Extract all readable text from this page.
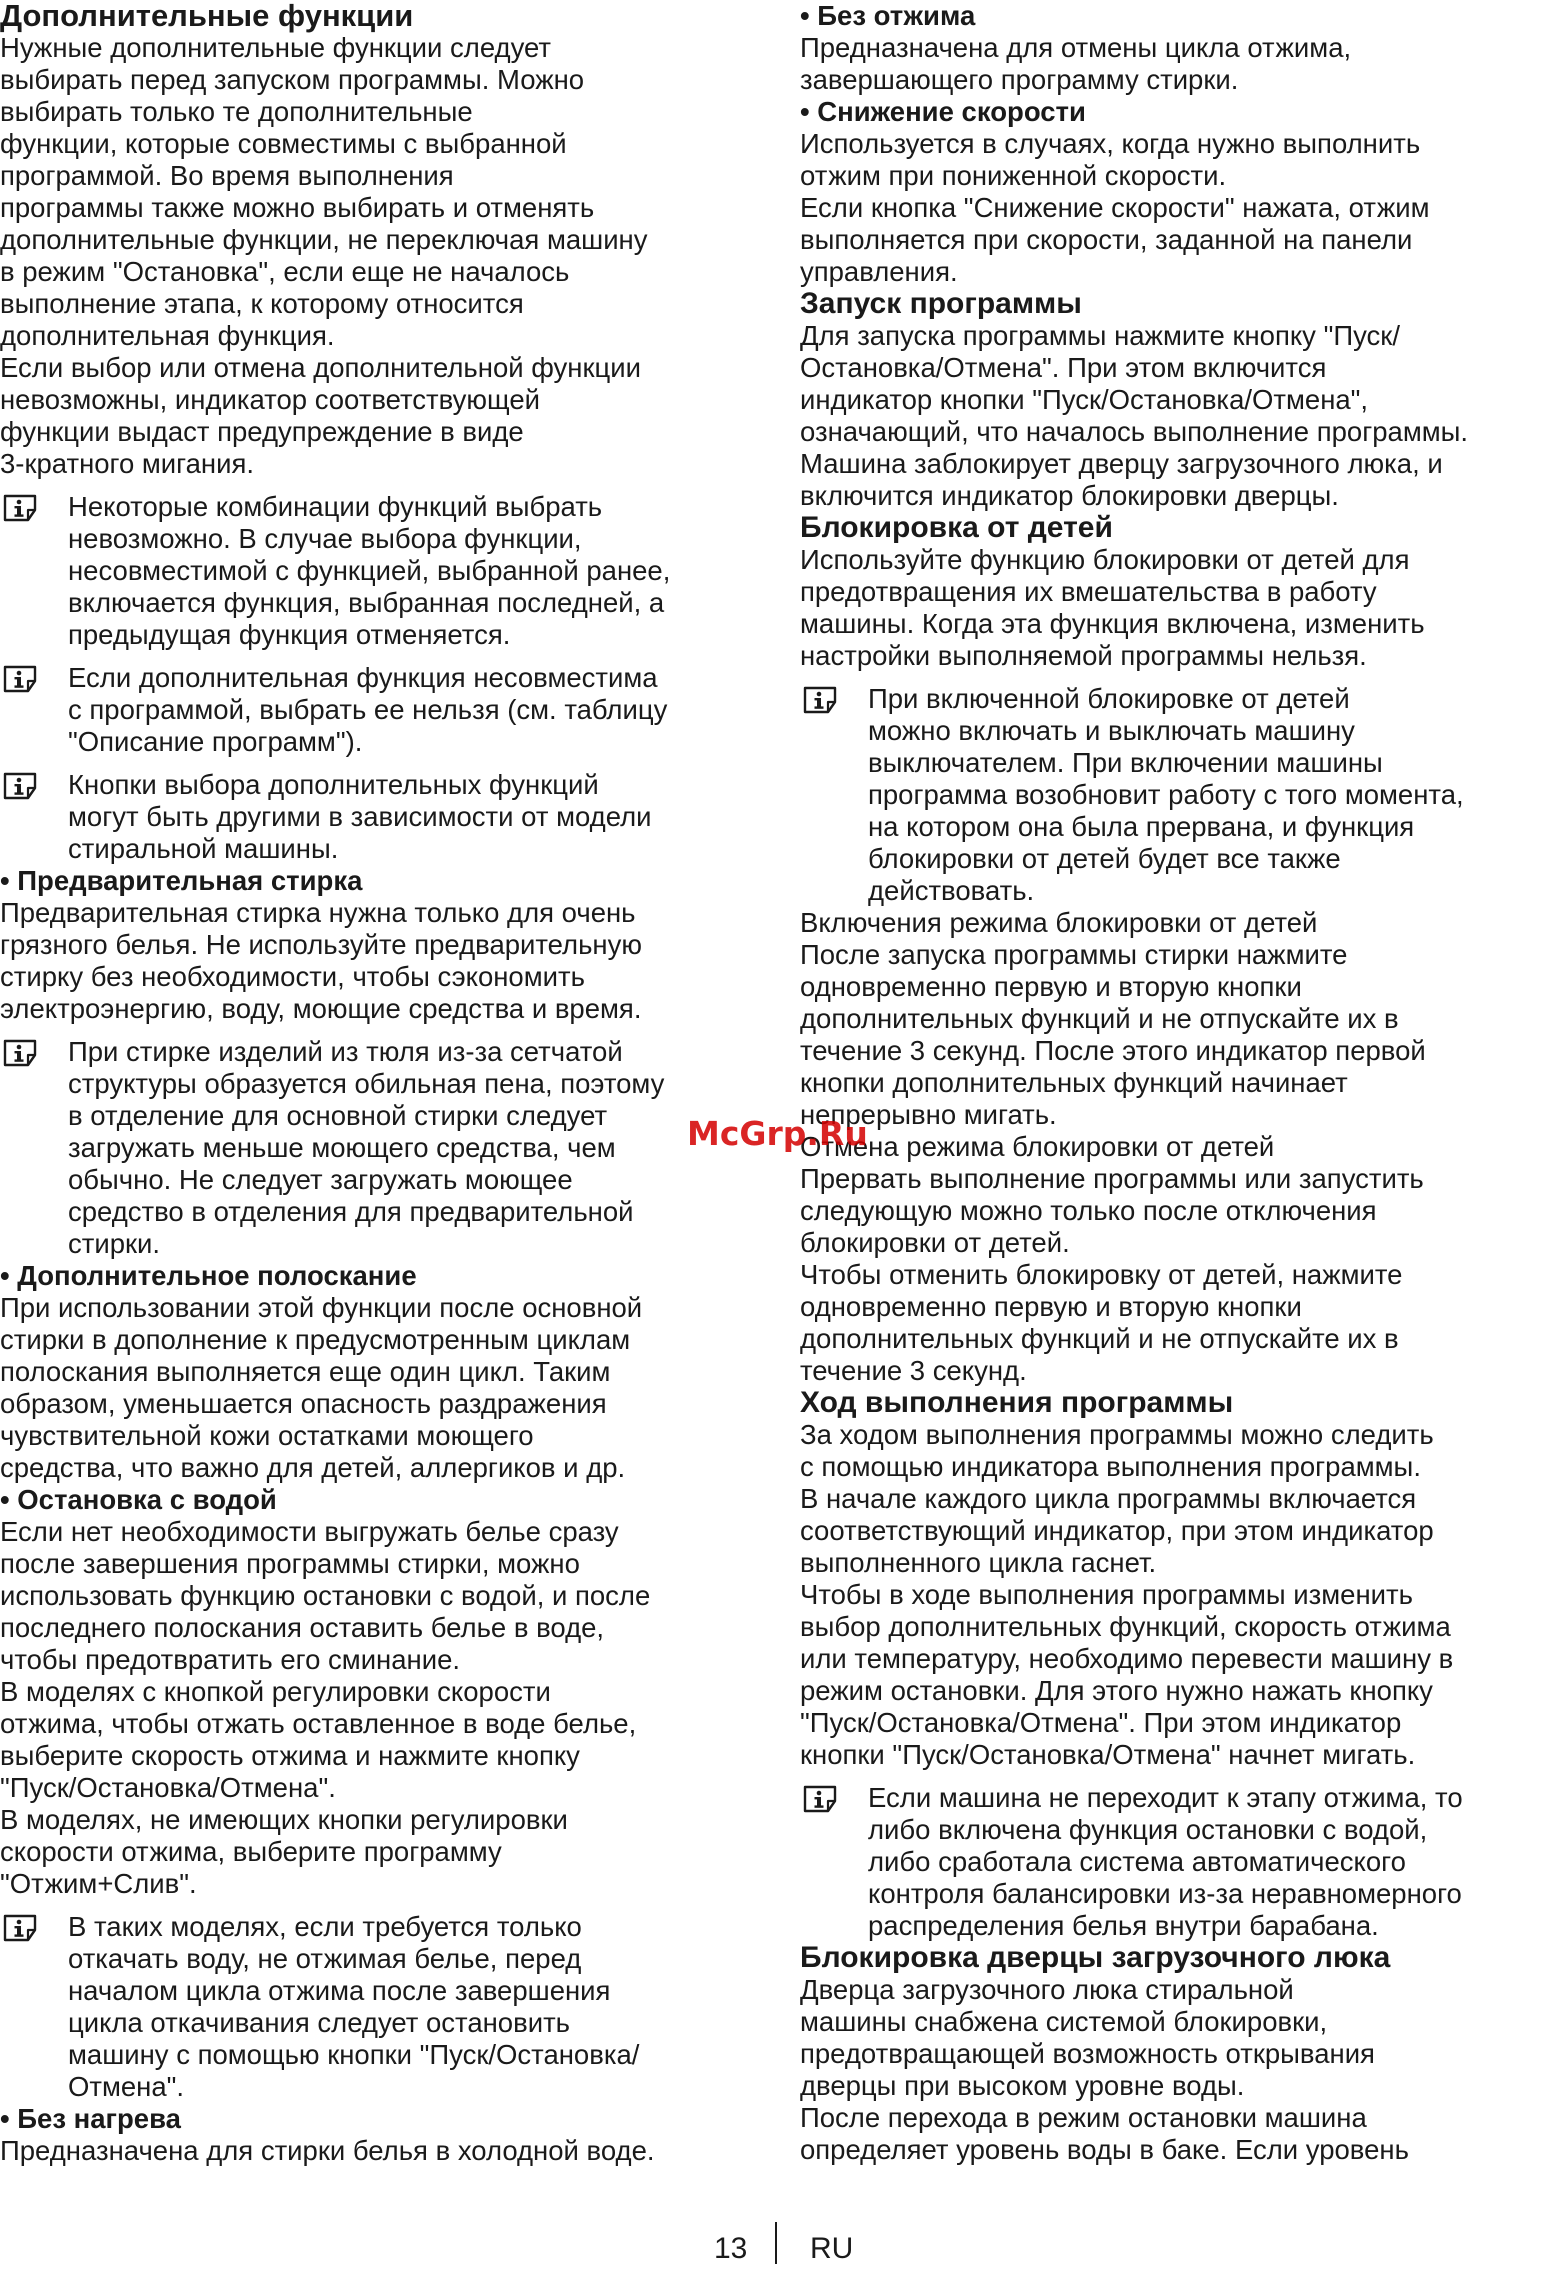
Дополнительные функции
Нужные дополнительные функции следует
выбирать перед запуском программы. Можно
выбирать только те дополнительные
функции, которые совместимы с выбранной
программой. Во время выполнения
программы также можно выбирать и отменять
дополнительные функции, не переключая машину
в режим "Остановка", если еще не началось
выполнение этапа, к которому относится
дополнительная функция.
Если выбор или отмена дополнительной функции
невозможны, индикатор соответствующей
функции выдаст предупреждение в виде
3-кратного мигания.
Некоторые комбинации функций выбрать
невозможно. В случае выбора функции,
несовместимой с функцией, выбранной ранее,
включается функция, выбранная последней, а
предыдущая функция отменяется.
Если дополнительная функция несовместима
с программой, выбрать ее нельзя (см. таблицу
"Описание программ").
Кнопки выбора дополнительных функций
могут быть другими в зависимости от модели
стиральной машины.
• Предварительная стирка
Предварительная стирка нужна только для очень
грязного белья. Не используйте предварительную
стирку без необходимости, чтобы сэкономить
электроэнергию, воду, моющие средства и время.
При стирке изделий из тюля из-за сетчатой
структуры образуется обильная пена, поэтому
в отделение для основной стирки следует
загружать меньше моющего средства, чем
обычно. Не следует загружать моющее
средство в отделения для предварительной
стирки.
• Дополнительное полоскание
При использовании этой функции после основной
стирки в дополнение к предусмотренным циклам
полоскания выполняется еще один цикл. Таким
образом, уменьшается опасность раздражения
чувствительной кожи остатками моющего
средства, что важно для детей, аллергиков и др.
• Остановка с водой
Если нет необходимости выгружать белье сразу
после завершения программы стирки, можно
использовать функцию остановки с водой, и после
последнего полоскания оставить белье в воде,
чтобы предотвратить его сминание.
В моделях с кнопкой регулировки скорости
отжима, чтобы отжать оставленное в воде белье,
выберите скорость отжима и нажмите кнопку
"Пуск/Остановка/Отмена".
В моделях, не имеющих кнопки регулировки
скорости отжима, выберите программу
"Отжим+Слив".
В таких моделях, если требуется только
откачать воду, не отжимая белье, перед
началом цикла отжима после завершения
цикла откачивания следует остановить
машину с помощью кнопки "Пуск/Остановка/
Отмена".
• Без нагрева
Предназначена для стирки белья в холодной воде.
• Без отжима
Предназначена для отмены цикла отжима,
завершающего программу стирки.
• Снижение скорости
Используется в случаях, когда нужно выполнить
отжим при пониженной скорости.
Если кнопка "Снижение скорости" нажата, отжим
выполняется при скорости, заданной на панели
управления.
Запуск программы
Для запуска программы нажмите кнопку "Пуск/
Остановка/Отмена". При этом включится
индикатор кнопки "Пуск/Остановка/Отмена",
означающий, что началось выполнение программы.
Машина заблокирует дверцу загрузочного люка, и
включится индикатор блокировки дверцы.
Блокировка от детей
Используйте функцию блокировки от детей для
предотвращения их вмешательства в работу
машины. Когда эта функция включена, изменить
настройки выполняемой программы нельзя.
При включенной блокировке от детей
можно включать и выключать машину
выключателем. При включении машины
программа возобновит работу с того момента,
на котором она была прервана, и функция
блокировки от детей будет все также
действовать.
Включения режима блокировки от детей
После запуска программы стирки нажмите
одновременно первую и вторую кнопки
дополнительных функций и не отпускайте их в
течение 3 секунд. После этого индикатор первой
кнопки дополнительных функций начинает
непрерывно мигать.
Отмена режима блокировки от детей
Прервать выполнение программы или запустить
следующую можно только после отключения
блокировки от детей.
Чтобы отменить блокировку от детей, нажмите
одновременно первую и вторую кнопки
дополнительных функций и не отпускайте их в
течение 3 секунд.
Ход выполнения программы
За ходом выполнения программы можно следить
с помощью индикатора выполнения программы.
В начале каждого цикла программы включается
соответствующий индикатор, при этом индикатор
выполненного цикла гаснет.
Чтобы в ходе выполнения программы изменить
выбор дополнительных функций, скорость отжима
или температуру, необходимо перевести машину в
режим остановки. Для этого нужно нажать кнопку
"Пуск/Остановка/Отмена". При этом индикатор
кнопки "Пуск/Остановка/Отмена" начнет мигать.
Если машина не переходит к этапу отжима, то
либо включена функция остановки с водой,
либо сработала система автоматического
контроля балансировки из-за неравномерного
распределения белья внутри барабана.
Блокировка дверцы загрузочного люка
Дверца загрузочного люка стиральной
машины снабжена системой блокировки,
предотвращающей возможность открывания
дверцы при высоком уровне воды.
После перехода в режим остановки машина
определяет уровень воды в баке. Если уровень
McGrp.Ru
13 RU
